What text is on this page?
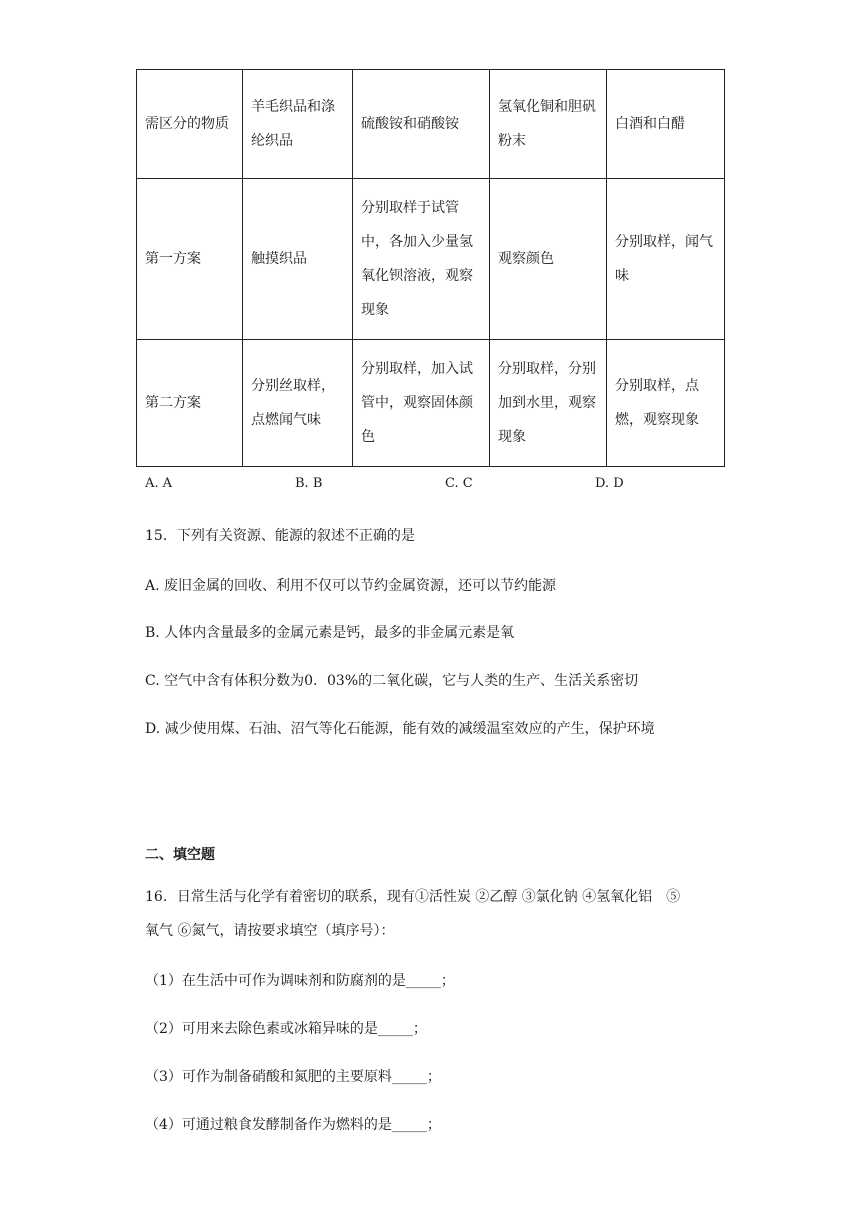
需区分的物质	羊毛织品和涤纶织品	硫酸铵和硝酸铵	氢氧化铜和胆矾粉末	白酒和白醋
第一方案	触摸织品	分别取样于试管中，各加入少量氢氧化钡溶液，观察现象	观察颜色	分别取样，闻气味
第二方案	分别丝取样，点燃闻气味	分别取样，加入试管中，观察固体颜色	分别取样，分别加到水里，观察现象	分别取样，点燃，观察现象
A. A	B. B	C. C	D. D
15．下列有关资源、能源的叙述不正确的是
A. 废旧金属的回收、利用不仅可以节约金属资源，还可以节约能源
B. 人体内含量最多的金属元素是钙，最多的非金属元素是氧
C. 空气中含有体积分数为0．03%的二氧化碳，它与人类的生产、生活关系密切
D. 减少使用煤、石油、沼气等化石能源，能有效的减缓温室效应的产生，保护环境
二、填空题
16．日常生活与化学有着密切的联系，现有①活性炭 ②乙醇 ③氯化钠 ④氢氧化铝　⑤
氧气 ⑥氮气，请按要求填空（填序号）：
（1）在生活中可作为调味剂和防腐剂的是_____；
（2）可用来去除色素或冰箱异味的是_____；
（3）可作为制备硝酸和氮肥的主要原料_____；
（4）可通过粮食发酵制备作为燃料的是_____；
